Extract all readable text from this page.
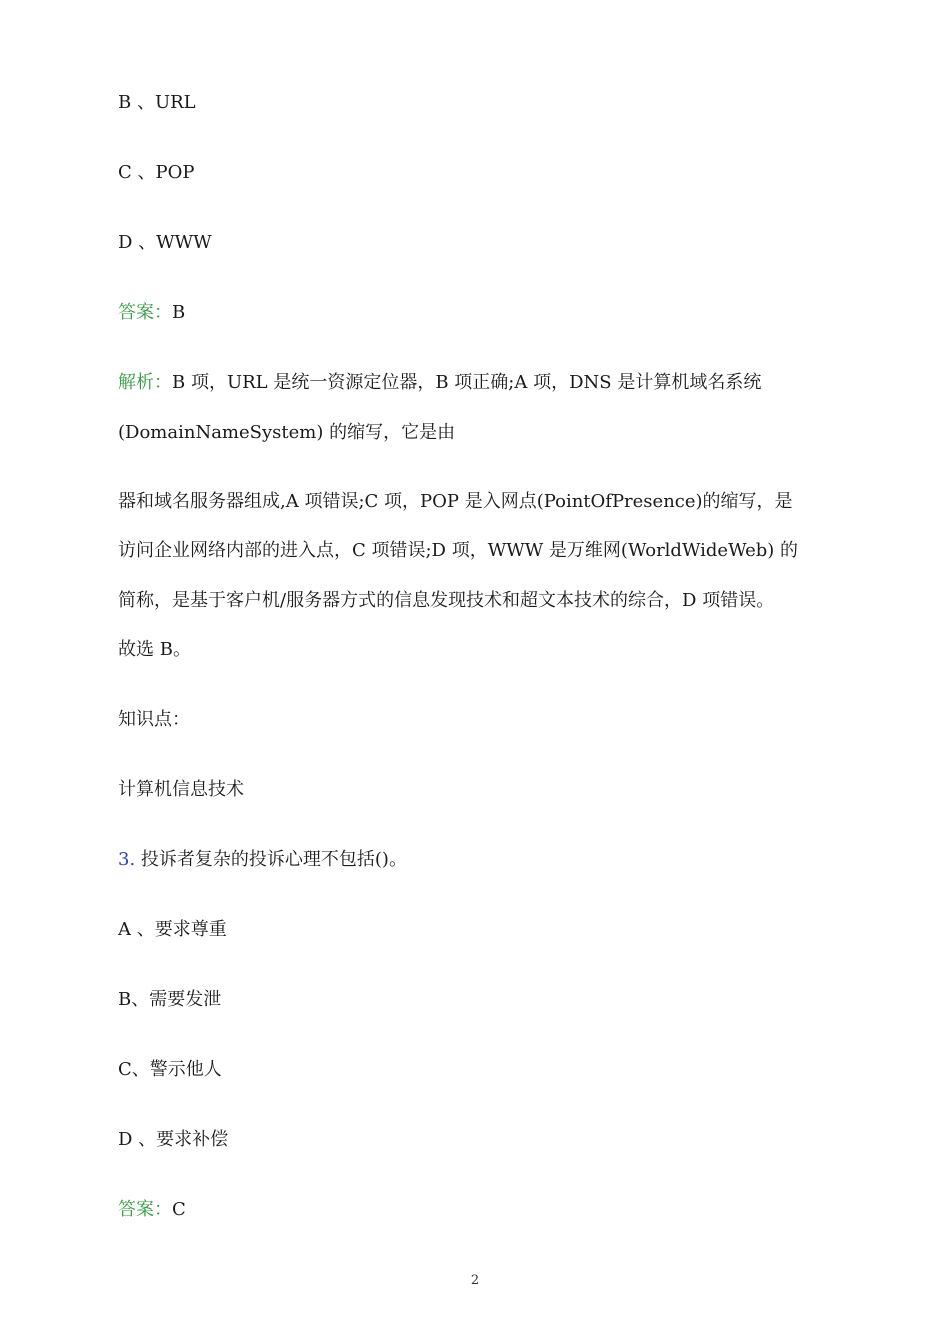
B 、URL
C 、POP
D 、WWW
答案：B
解析：B 项，URL 是统一资源定位器，B 项正确;A 项，DNS 是计算机域名系统
(DomainNameSystem) 的缩写，它是由
器和域名服务器组成,A 项错误;C 项，POP 是入网点(PointOfPresence)的缩写，是
访问企业网络内部的进入点，C 项错误;D 项，WWW 是万维网(WorldWideWeb) 的
简称，是基于客户机/服务器方式的信息发现技术和超文本技术的综合，D 项错误。
故选 B。
知识点：
计算机信息技术
3. 投诉者复杂的投诉心理不包括()。
A 、要求尊重
B、需要发泄
C、警示他人
D 、要求补偿
答案：C
2
